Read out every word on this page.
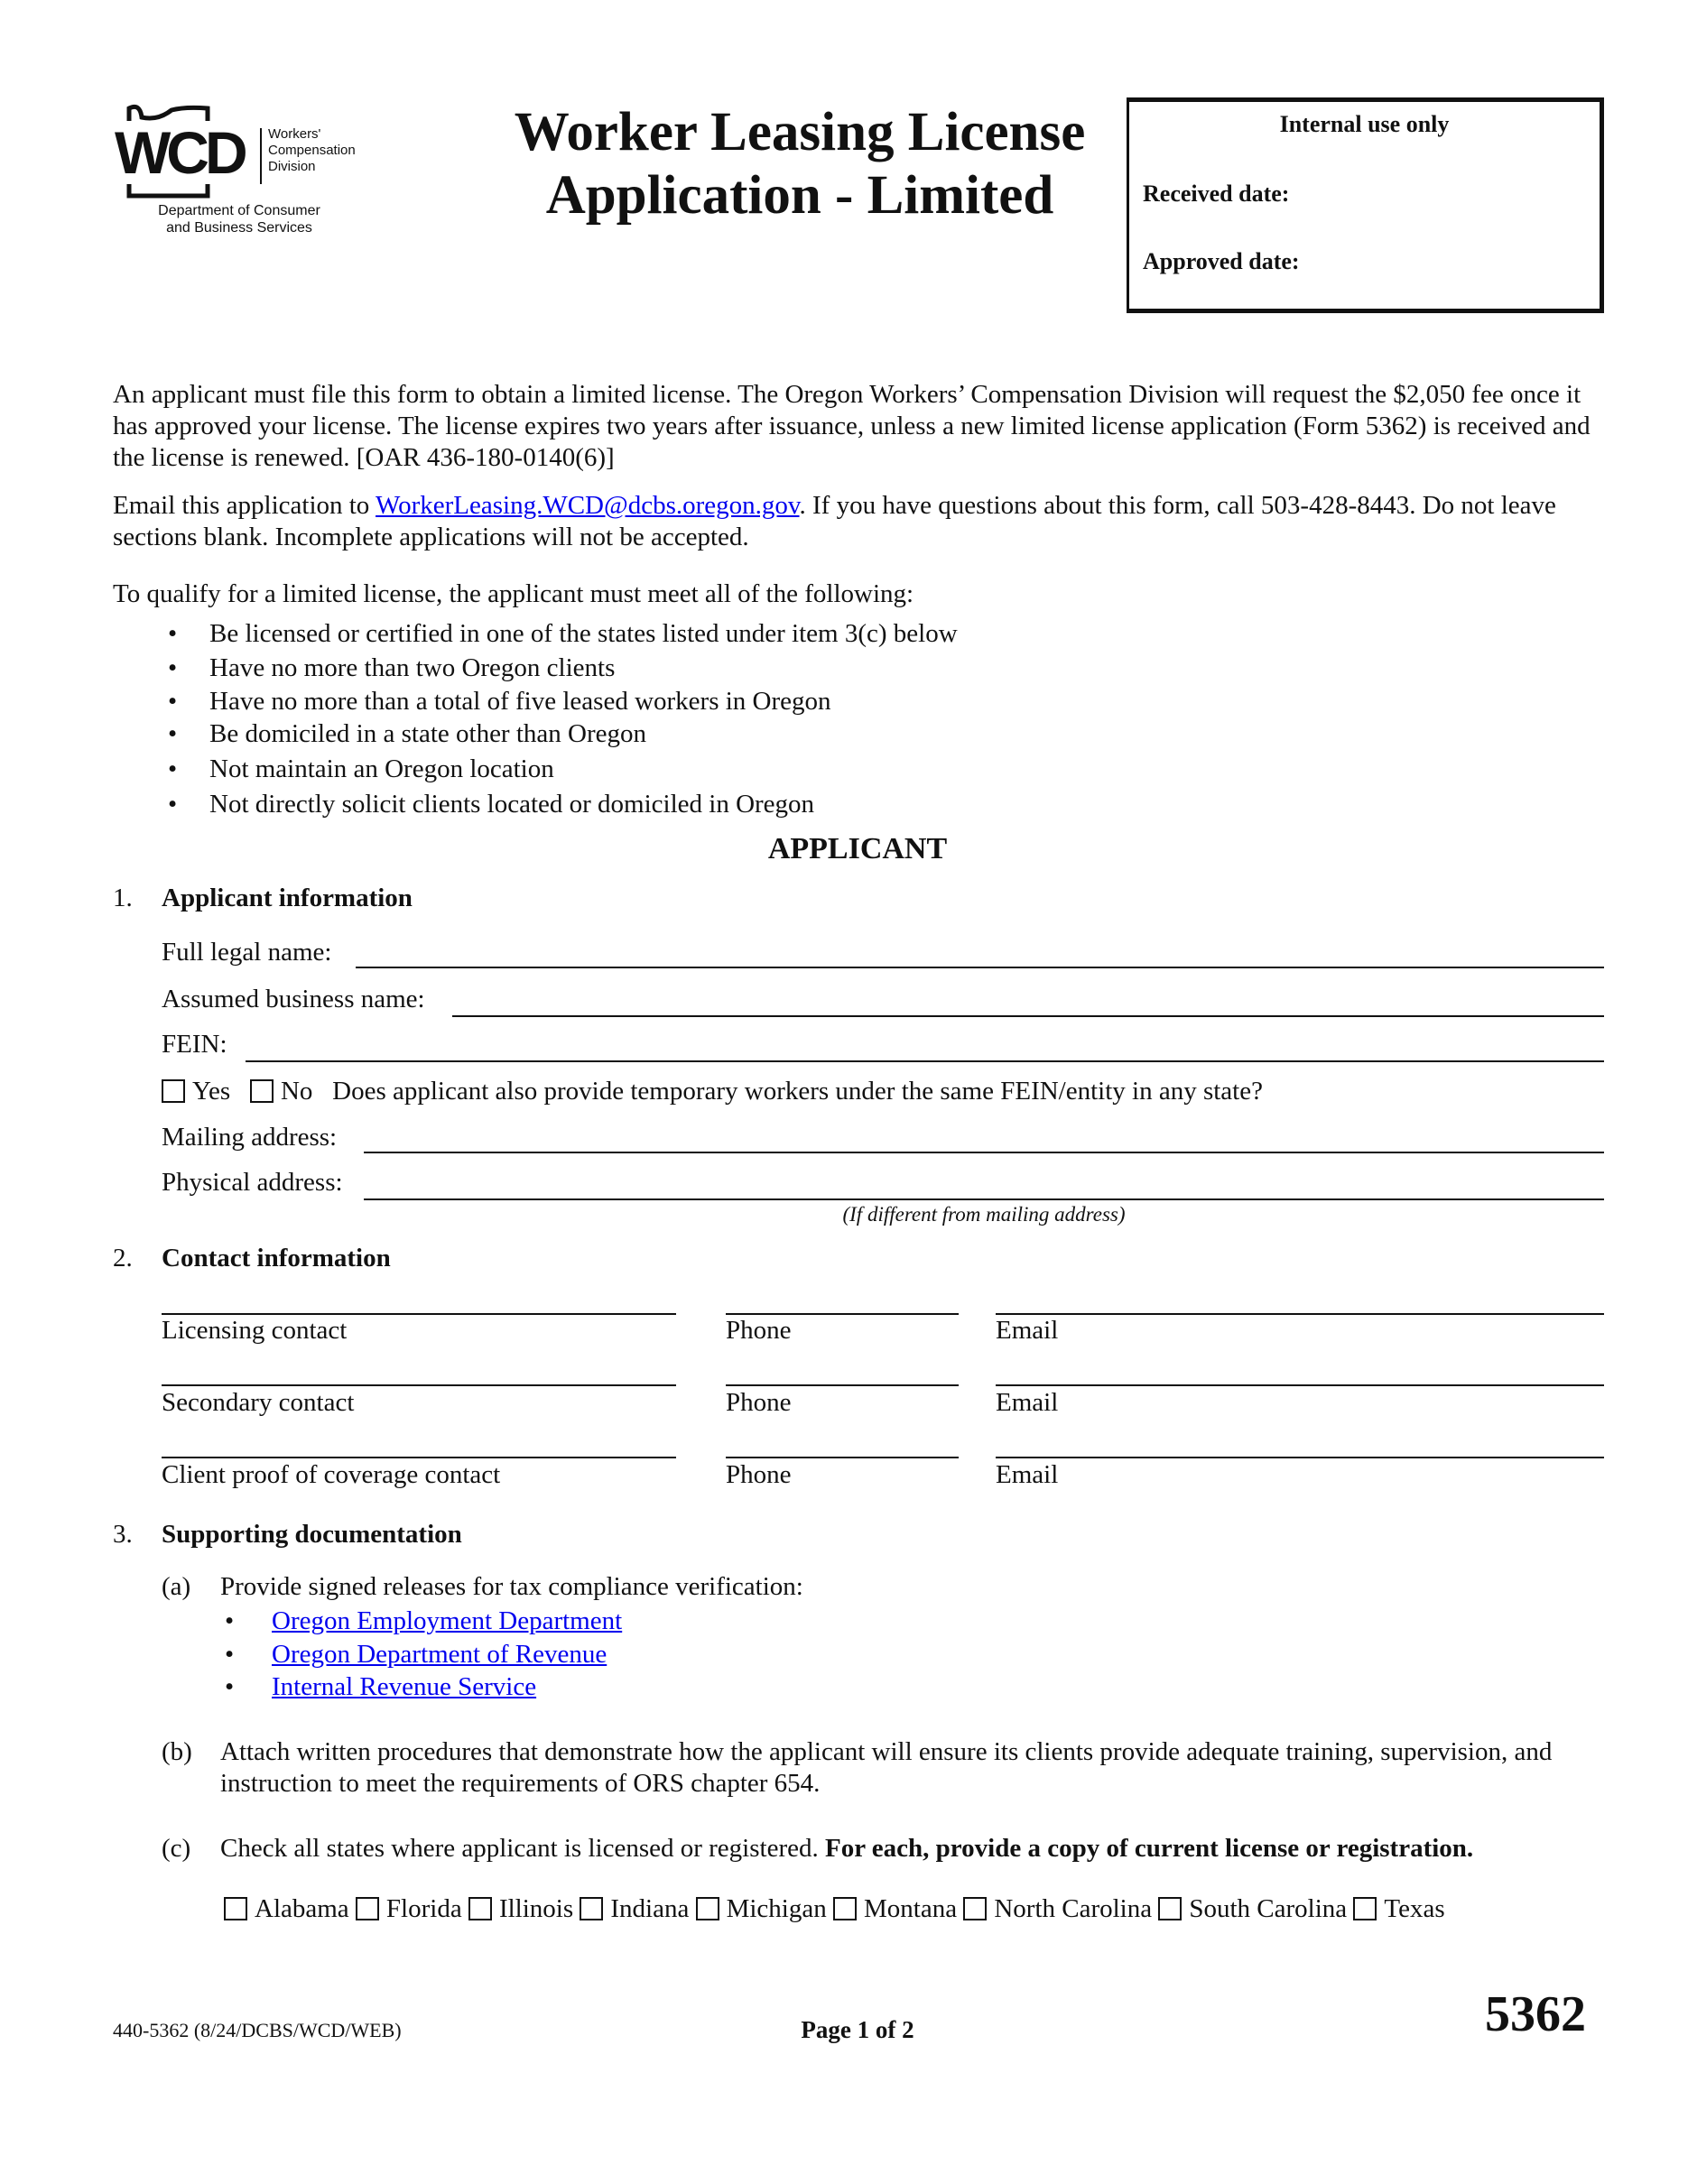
WCD Workers'
Compensation
Division
Department of Consumer
and Business Services
Worker Leasing License
Application - Limited
Internal use only
Received date:
Approved date:
An applicant must file this form to obtain a limited license. The Oregon Workers’ Compensation Division will request the $2,050 fee once it has approved your license. The license expires two years after issuance, unless a new limited license application (Form 5362) is received and the license is renewed. [OAR 436-180-0140(6)]
Email this application to WorkerLeasing.WCD@dcbs.oregon.gov. If you have questions about this form, call 503-428-8443. Do not leave sections blank. Incomplete applications will not be accepted.
To qualify for a limited license, the applicant must meet all of the following:
• Be licensed or certified in one of the states listed under item 3(c) below
• Have no more than two Oregon clients
• Have no more than a total of five leased workers in Oregon
• Be domiciled in a state other than Oregon
• Not maintain an Oregon location
• Not directly solicit clients located or domiciled in Oregon
APPLICANT
1. Applicant information
Full legal name:
Assumed business name:
FEIN:
Yes No Does applicant also provide temporary workers under the same FEIN/entity in any state?
Mailing address:
Physical address:
(If different from mailing address)
2. Contact information
Licensing contact	Phone	Email
Secondary contact	Phone	Email
Client proof of coverage contact	Phone	Email
3. Supporting documentation
(a) Provide signed releases for tax compliance verification:
• Oregon Employment Department
• Oregon Department of Revenue
• Internal Revenue Service
(b) Attach written procedures that demonstrate how the applicant will ensure its clients provide adequate training, supervision, and instruction to meet the requirements of ORS chapter 654.
(c) Check all states where applicant is licensed or registered. For each, provide a copy of current license or registration.
Alabama Florida Illinois Indiana Michigan Montana North Carolina South Carolina Texas
440-5362 (8/24/DCBS/WCD/WEB)	Page 1 of 2	5362
